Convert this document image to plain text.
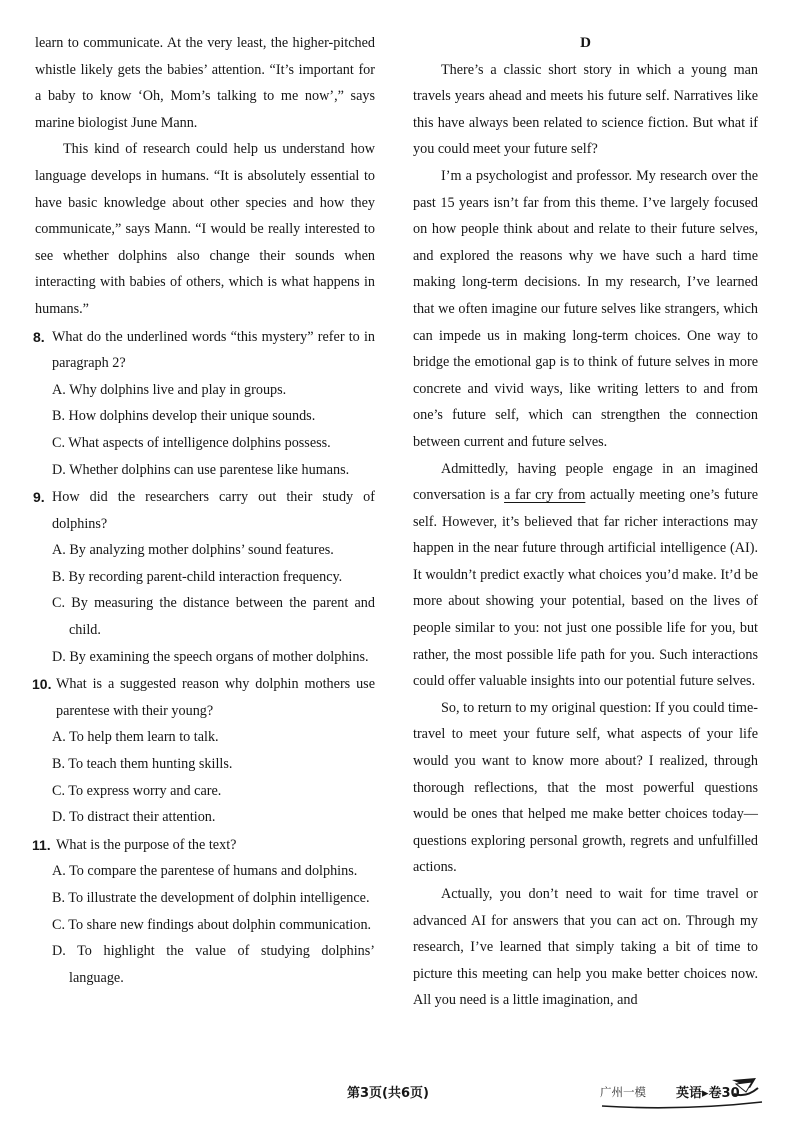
learn to communicate. At the very least, the higher-pitched whistle likely gets the babies’ attention. “It’s important for a baby to know ‘Oh, Mom’s talking to me now’,” says marine biologist June Mann.

This kind of research could help us understand how language develops in humans. “It is absolutely essential to have basic knowledge about other species and how they communicate,” says Mann. “I would be really interested to see whether dolphins also change their sounds when interacting with babies of others, which is what happens in humans.”

8. What do the underlined words “this mystery” refer to in paragraph 2?

A. Why dolphins live and play in groups.

B. How dolphins develop their unique sounds.

C. What aspects of intelligence dolphins possess.

D. Whether dolphins can use parentese like humans.

9. How did the researchers carry out their study of dolphins?

A. By analyzing mother dolphins’ sound features.

B. By recording parent-child interaction frequency.

C. By measuring the distance between the parent and child.

D. By examining the speech organs of mother dolphins.

10. What is a suggested reason why dolphin mothers use parentese with their young?

A. To help them learn to talk.

B. To teach them hunting skills.

C. To express worry and care.

D. To distract their attention.

11. What is the purpose of the text?

A. To compare the parentese of humans and dolphins.

B. To illustrate the development of dolphin intelligence.

C. To share new findings about dolphin communication.

D. To highlight the value of studying dolphins’ language.

D

There’s a classic short story in which a young man travels years ahead and meets his future self. Narratives like this have always been related to science fiction. But what if you could meet your future self?

I’m a psychologist and professor. My research over the past 15 years isn’t far from this theme. I’ve largely focused on how people think about and relate to their future selves, and explored the reasons why we have such a hard time making long-term decisions. In my research, I’ve learned that we often imagine our future selves like strangers, which can impede us in making long-term choices. One way to bridge the emotional gap is to think of future selves in more concrete and vivid ways, like writing letters to and from one’s future self, which can strengthen the connection between current and future selves.

Admittedly, having people engage in an imagined conversation is a far cry from actually meeting one’s future self. However, it’s believed that far richer interactions may happen in the near future through artificial intelligence (AI). It wouldn’t predict exactly what choices you’d make. It’d be more about showing your potential, based on the lives of people similar to you: not just one possible life for you, but rather, the most possible life path for you. Such interactions could offer valuable insights into our potential future selves.

So, to return to my original question: If you could time-travel to meet your future self, what aspects of your life would you want to know more about? I realized, through thorough reflections, that the most powerful questions would be ones that helped me make better choices today—questions exploring personal growth, regrets and unfulfilled actions.

Actually, you don’t need to wait for time travel or advanced AI for answers that you can act on. Through my research, I’ve learned that simply taking a bit of time to picture this meeting can help you make better choices now. All you need is a little imagination, and

第3页(共6页)	广州一模 英语▸卷30
